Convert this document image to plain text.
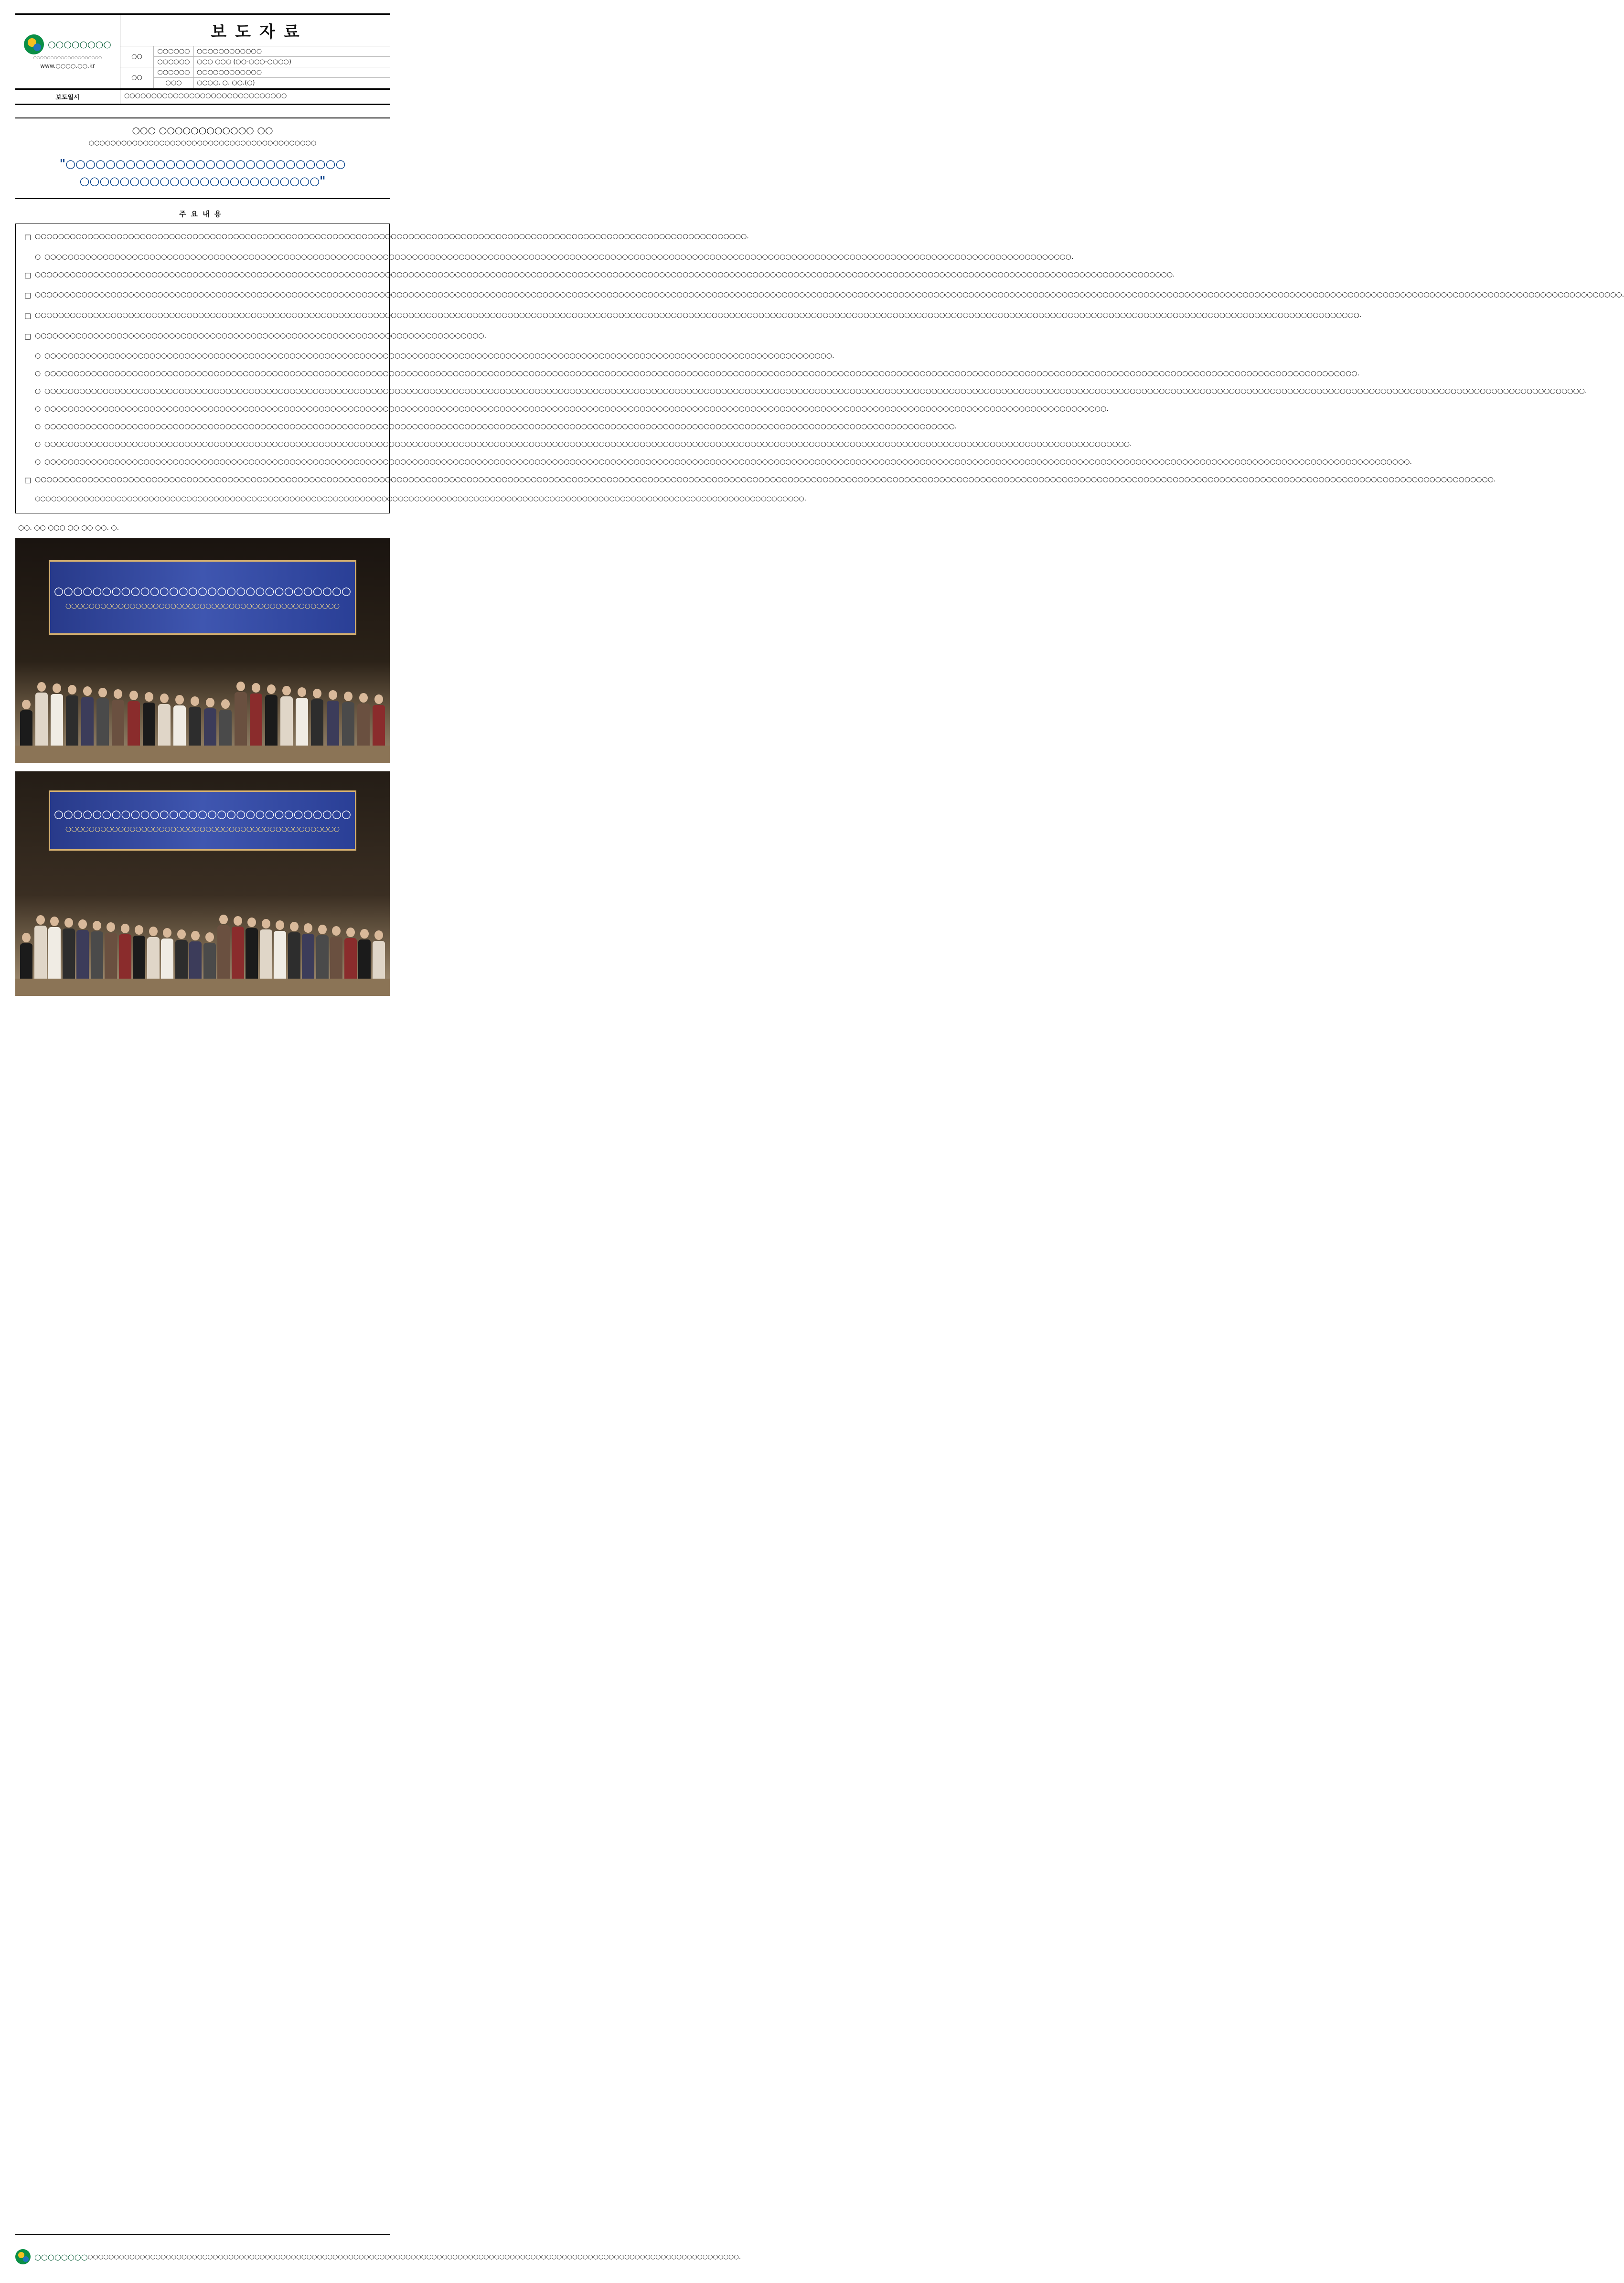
○○○○○○○○
○○○○○○○○○○○○○○○○○○○○
www.○○○○.○○.kr
보도자료
○○
○○○○○○	○○○○○○○○○○○○
○○○○○○	○○○ ○○○ (○○-○○○-○○○○)
○○
○○○○○○	○○○○○○○○○○○○
○○○	○○○○. ○. ○○.(○)
보도일시	○○○○○○○○○○○○○○○○○○○○○○○○○○○○○○
○○○ ○○○○○○○○○○○○ ○○
○○○○○○○○○○○○○○○○○○○○○○○○○○○○○○○○○○○○○○○○○○
"○○○○○○○○○○○○○○○○○○○○○○○○○○○○
○○○○○○○○○○○○○○○○○○○○○○○○"
주요내용
□ ○○○○○○○○○○○○○○○○○○○○○○○○○○○○○○○○○○○○○○○○○○○○○○○○○○○○○○○○○○○○○○○○○○○○○○○○○○○○○○○○○○○○○○○○○○○○○○○○○○○○○○○○○○○○○○○○○○○○○○○○○○.
○ ○○○○○○○○○○○○○○○○○○○○○○○○○○○○○○○○○○○○○○○○○○○○○○○○○○○○○○○○○○○○○○○○○○○○○○○○○○○○○○○○○○○○○○○○○○○○○○○○○○○○○○○○○○○○○○○○○○○○○○○○○○○○○○○○○○○○○○○○○○○○○○○○○○○○○○○○○○○○○○○○○○○○○○○○○○○○○○○○.
□ ○○○○○○○○○○○○○○○○○○○○○○○○○○○○○○○○○○○○○○○○○○○○○○○○○○○○○○○○○○○○○○○○○○○○○○○○○○○○○○○○○○○○○○○○○○○○○○○○○○○○○○○○○○○○○○○○○○○○○○○○○○○○○○○○○○○○○○○○○○○○○○○○○○○○○○○○○○○○○○○○○○○○○○○○○○○○○○○○○○○○○○○○○○○○○○○○○○○.
□ ○○○○○○○○○○○○○○○○○○○○○○○○○○○○○○○○○○○○○○○○○○○○○○○○○○○○○○○○○○○○○○○○○○○○○○○○○○○○○○○○○○○○○○○○○○○○○○○○○○○○○○○○○○○○○○○○○○○○○○○○○○○○○○○○○○○○○○○○○○○○○○○○○○○○○○○○○○○○○○○○○○○○○○○○○○○○○○○○○○○○○○○○○○○○○○○○○○○○○○○○○○○○○○○○○○○○○○○○○○○○○○○○○○○○○○○○○○○○○○○○○○○○○○○○○○○○○○○○○○○○○○○○○○○○○○○○.
□ ○○○○○○○○○○○○○○○○○○○○○○○○○○○○○○○○○○○○○○○○○○○○○○○○○○○○○○○○○○○○○○○○○○○○○○○○○○○○○○○○○○○○○○○○○○○○○○○○○○○○○○○○○○○○○○○○○○○○○○○○○○○○○○○○○○○○○○○○○○○○○○○○○○○○○○○○○○○○○○○○○○○○○○○○○○○○○○○○○○○○○○○○○○○○○○○○○○○○○○○○○○○○○○○○○○○○○○○○○○○○○○○○○○○.
□ ○○○○○○○○○○○○○○○○○○○○○○○○○○○○○○○○○○○○○○○○○○○○○○○○○○○○○○○○○○○○○○○○○○○○○○○○○○○○○.
○ ○○○○○○○○○○○○○○○○○○○○○○○○○○○○○○○○○○○○○○○○○○○○○○○○○○○○○○○○○○○○○○○○○○○○○○○○○○○○○○○○○○○○○○○○○○○○○○○○○○○○○○○○○○○○○○○○○○○○○○○○○○○○○○○○○○○○○○○.
○ ○○○○○○○○○○○○○○○○○○○○○○○○○○○○○○○○○○○○○○○○○○○○○○○○○○○○○○○○○○○○○○○○○○○○○○○○○○○○○○○○○○○○○○○○○○○○○○○○○○○○○○○○○○○○○○○○○○○○○○○○○○○○○○○○○○○○○○○○○○○○○○○○○○○○○○○○○○○○○○○○○○○○○○○○○○○○○○○○○○○○○○○○○○○○○○○○○○○○○○○○○○○○○○○○○○○○○○○○○○○○○○○○○.
○ ○○○○○○○○○○○○○○○○○○○○○○○○○○○○○○○○○○○○○○○○○○○○○○○○○○○○○○○○○○○○○○○○○○○○○○○○○○○○○○○○○○○○○○○○○○○○○○○○○○○○○○○○○○○○○○○○○○○○○○○○○○○○○○○○○○○○○○○○○○○○○○○○○○○○○○○○○○○○○○○○○○○○○○○○○○○○○○○○○○○○○○○○○○○○○○○○○○○○○○○○○○○○○○○○○○○○○○○○○○○○○○○○○○○○○○○○○○○○○○○○○○○○○○○○○○○○○○○○○○○○○○○○.
○ ○○○○○○○○○○○○○○○○○○○○○○○○○○○○○○○○○○○○○○○○○○○○○○○○○○○○○○○○○○○○○○○○○○○○○○○○○○○○○○○○○○○○○○○○○○○○○○○○○○○○○○○○○○○○○○○○○○○○○○○○○○○○○○○○○○○○○○○○○○○○○○○○○○○○○○○○○○○○○○○○○○○○○○○○○○○○○○○○○○○○○○.
○ ○○○○○○○○○○○○○○○○○○○○○○○○○○○○○○○○○○○○○○○○○○○○○○○○○○○○○○○○○○○○○○○○○○○○○○○○○○○○○○○○○○○○○○○○○○○○○○○○○○○○○○○○○○○○○○○○○○○○○○○○○○○○○○○○○○○○○○○○○○○○○○○○○○○○○○○○○○○○.
○ ○○○○○○○○○○○○○○○○○○○○○○○○○○○○○○○○○○○○○○○○○○○○○○○○○○○○○○○○○○○○○○○○○○○○○○○○○○○○○○○○○○○○○○○○○○○○○○○○○○○○○○○○○○○○○○○○○○○○○○○○○○○○○○○○○○○○○○○○○○○○○○○○○○○○○○○○○○○○○○○○○○○○○○○○○○○○○○○○○○○○○○○○○○.
○ ○○○○○○○○○○○○○○○○○○○○○○○○○○○○○○○○○○○○○○○○○○○○○○○○○○○○○○○○○○○○○○○○○○○○○○○○○○○○○○○○○○○○○○○○○○○○○○○○○○○○○○○○○○○○○○○○○○○○○○○○○○○○○○○○○○○○○○○○○○○○○○○○○○○○○○○○○○○○○○○○○○○○○○○○○○○○○○○○○○○○○○○○○○○○○○○○○○○○○○○○○○○○○○○○○○○○○○○○○○○○○○○○○○○○○○○○○○.
□ ○○○○○○○○○○○○○○○○○○○○○○○○○○○○○○○○○○○○○○○○○○○○○○○○○○○○○○○○○○○○○○○○○○○○○○○○○○○○○○○○○○○○○○○○○○○○○○○○○○○○○○○○○○○○○○○○○○○○○○○○○○○○○○○○○○○○○○○○○○○○○○○○○○○○○○○○○○○○○○○○○○○○○○○○○○○○○○○○○○○○○○○○○○○○○○○○○○○○○○○○○○○○○○○○○○○○○○○○○○○○○○○○○○○○○○○○○○○○○○○○○○○○○○○○○○.
○○○○○○○○○○○○○○○○○○○○○○○○○○○○○○○○○○○○○○○○○○○○○○○○○○○○○○○○○○○○○○○○○○○○○○○○○○○○○○○○○○○○○○○○○○○○○○○○○○○○○○○○○○○○○○○○○○○○○○○○○○○○○○○○○○○○○○○○○○○○○○.
○○. ○○ ○○○ ○○ ○○ ○○. ○.
○○○○○○○○○○○○○○○○○○○○○○○○○○○○○○○
○○○○○○○○○○○○○○○○○○○○○○○○○○○○○○○○○○○○○○○○○○○○○○○
○○○○○○○○○○○○○○○○○○○○○○○○○○○○○○○
○○○○○○○○○○○○○○○○○○○○○○○○○○○○○○○○○○○○○○○○○○○○○○○
○○○○○○○○ ○○○○○○○○○○○○○○○○○○○○○○○○○○○○○○○○○○○○○○○○○○○○○○○○○○○○○○○○○○○○○○○○○○○○○○○○○○○○○○○○○○○○○○○○○○○○○○○○○○○○○○○○○○○○○○○○○○○○○○○○○○○○○.
